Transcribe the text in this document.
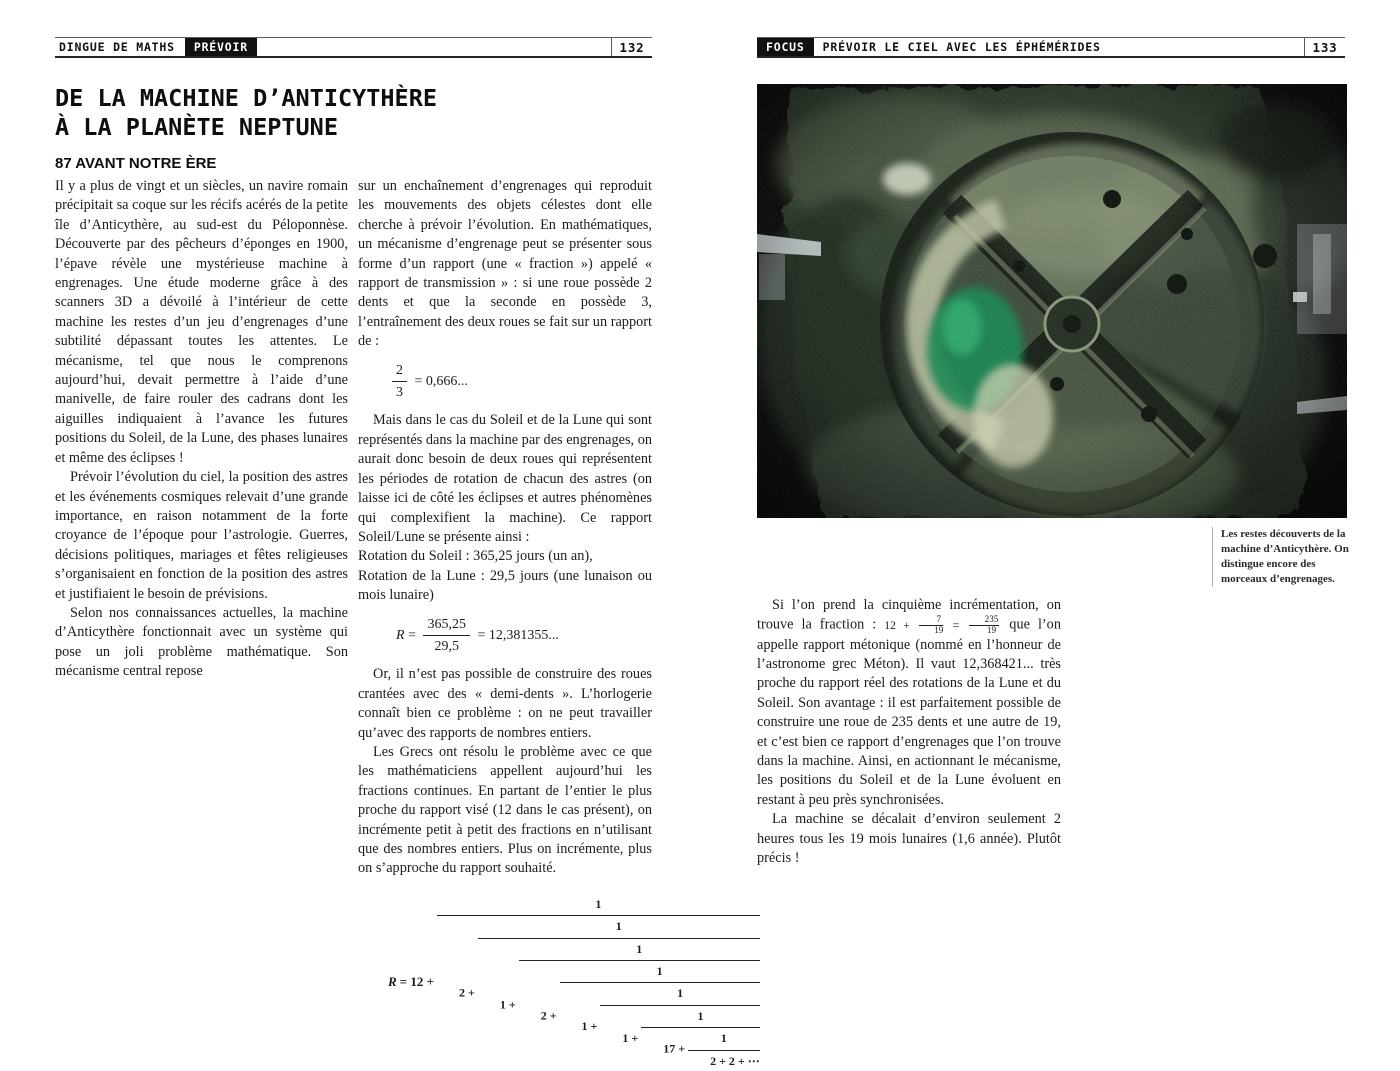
DINGUE DE MATHS	PRÉVOIR	132
DE LA MACHINE D’ANTICYTHÈRE
À LA PLANÈTE NEPTUNE
87 AVANT NOTRE ÈRE

Il y a plus de vingt et un siècles, un navire romain précipitait sa coque sur les récifs acérés de la petite île d’Anticythère, au sud-est du Péloponnèse. Découverte par des pêcheurs d’éponges en 1900, l’épave révèle une mystérieuse machine à engrenages. Une étude moderne grâce à des scanners 3D a dévoilé à l’intérieur de cette machine les restes d’un jeu d’engrenages d’une subtilité dépassant toutes les attentes. Le mécanisme, tel que nous le comprenons aujourd’hui, devait permettre à l’aide d’une manivelle, de faire rouler des cadrans dont les aiguilles indiquaient à l’avance les futures positions du Soleil, de la Lune, des phases lunaires et même des éclipses !

Prévoir l’évolution du ciel, la position des astres et les événements cosmiques relevait d’une grande importance, en raison notamment de la forte croyance de l’époque pour l’astrologie. Guerres, décisions politiques, mariages et fêtes religieuses s’organisaient en fonction de la position des astres et justifiaient le besoin de prévisions.

Selon nos connaissances actuelles, la machine d’Anticythère fonctionnait avec un système qui pose un joli problème mathématique. Son mécanisme central repose

sur un enchaînement d’engrenages qui reproduit les mouvements des objets célestes dont elle cherche à prévoir l’évolution. En mathématiques, un mécanisme d’engrenage peut se présenter sous forme d’un rapport (une « fraction ») appelé « rapport de transmission » : si une roue possède 2 dents et que la seconde en possède 3, l’entraînement des deux roues se fait sur un rapport de :

$\frac{2}{3} = 0,666$...

Mais dans le cas du Soleil et de la Lune qui sont représentés dans la machine par des engrenages, on aurait donc besoin de deux roues qui représentent les périodes de rotation de chacun des astres (on laisse ici de côté les éclipses et autres phénomènes qui complexifient la machine). Ce rapport Soleil/Lune se présente ainsi :

Rotation du Soleil : 365,25 jours (un an),

Rotation de la Lune : 29,5 jours (une lunaison ou mois lunaire)

$R = \frac{365,25}{29,5} = 12,381355$...

Or, il n’est pas possible de construire des roues crantées avec des « demi-dents ». L’horlogerie connaît bien ce problème : on ne peut travailler qu’avec des rapports de nombres entiers.

Les Grecs ont résolu le problème avec ce que les mathématiciens appellent aujourd’hui les fractions continues. En partant de l’entier le plus proche du rapport visé (12 dans le cas présent), on incrémente petit à petit des fractions en n’utilisant que des nombres entiers. Plus on incrémente, plus on s’approche du rapport souhaité.

$R = 12 + \frac{1}{2 + \frac{1}{1 + \frac{1}{2 + \frac{1}{1 + \frac{1}{1 + \frac{1}{17 + \frac{1}{2 + 2 + \cdots}}}}}}}$
FOCUS	PRÉVOIR LE CIEL AVEC LES ÉPHÉMÉRIDES	133
Les restes découverts de la machine d’Anticythère. On distingue encore des morceaux d’engrenages.

Si l’on prend la cinquième incrémentation, on trouve la fraction : $12 + \frac{7}{19} = \frac{235}{19}$ que l’on appelle rapport métonique (nommé en l’honneur de l’astronome grec Méton). Il vaut 12,368421... très proche du rapport réel des rotations de la Lune et du Soleil. Son avantage : il est parfaitement possible de construire une roue de 235 dents et une autre de 19, et c’est bien ce rapport d’engrenages que l’on trouve dans la machine. Ainsi, en actionnant le mécanisme, les positions du Soleil et de la Lune évoluent en restant à peu près synchronisées.

La machine se décalait d’environ seulement 2 heures tous les 19 mois lunaires (1,6 année). Plutôt précis !
